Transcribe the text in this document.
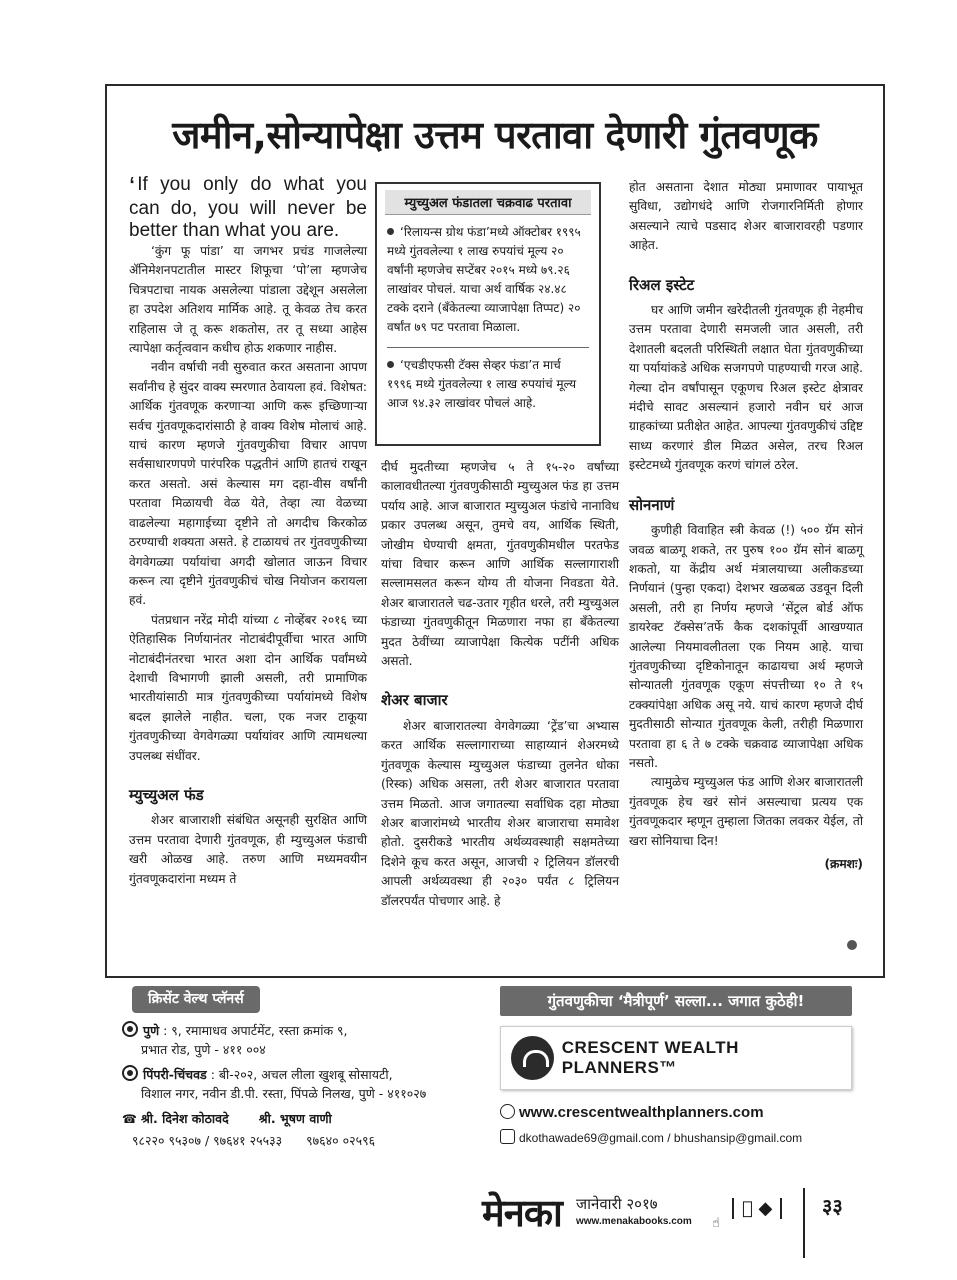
जमीन,सोन्यापेक्षा उत्तम परतावा देणारी गुंतवणूक

‘ If you only do what you can do, you will never be better than what you are.

‘कुंग फू पांडा’ या जगभर प्रचंड गाजलेल्या ॲनिमेशनपटातील मास्टर शिफूचा ‘पो’ला म्हणजेच चित्रपटाचा नायक असलेल्या पांडाला उद्देशून असलेला हा उपदेश अतिशय मार्मिक आहे. तू केवळ तेच करत राहिलास जे तू करू शकतोस, तर तू सध्या आहेस त्यापेक्षा कर्तृत्ववान कधीच होऊ शकणार नाहीस.

नवीन वर्षाची नवी सुरुवात करत असताना आपण सर्वांनीच हे सुंदर वाक्य स्मरणात ठेवायला हवं. विशेषत: आर्थिक गुंतवणूक करणाऱ्या आणि करू इच्छिणाऱ्या सर्वच गुंतवणूकदारांसाठी हे वाक्य विशेष मोलाचं आहे. याचं कारण म्हणजे गुंतवणुकीचा विचार आपण सर्वसाधारणपणे पारंपरिक पद्धतीनं आणि हातचं राखून करत असतो. असं केल्यास मग दहा-वीस वर्षांनी परतावा मिळायची वेळ येते, तेव्हा त्या वेळच्या वाढलेल्या महागाईच्या दृष्टीने तो अगदीच किरकोळ ठरण्याची शक्यता असते. हे टाळायचं तर गुंतवणुकीच्या वेगवेगळ्या पर्यायांचा अगदी खोलात जाऊन विचार करून त्या दृष्टीने गुंतवणुकीचं चोख नियोजन करायला हवं.

पंतप्रधान नरेंद्र मोदी यांच्या ८ नोव्हेंबर २०१६ च्या ऐतिहासिक निर्णयानंतर नोटाबंदीपूर्वीचा भारत आणि नोटाबंदीनंतरचा भारत अशा दोन आर्थिक पर्वांमध्ये देशाची विभागणी झाली असली, तरी प्रामाणिक भारतीयांसाठी मात्र गुंतवणुकीच्या पर्यायांमध्ये विशेष बदल झालेले नाहीत. चला, एक नजर टाकूया गुंतवणुकीच्या वेगवेगळ्या पर्यायांवर आणि त्यामधल्या उपलब्ध संधींवर.

म्युच्युअल फंड

शेअर बाजाराशी संबंधित असूनही सुरक्षित आणि उत्तम परतावा देणारी गुंतवणूक, ही म्युच्युअल फंडाची खरी ओळख आहे. तरुण आणि मध्यमवयीन गुंतवणूकदारांना मध्यम ते

म्युच्युअल फंडातला चक्रवाढ परतावा
‘रिलायन्स ग्रोथ फंडा’मध्ये ऑक्टोबर १९९५ मध्ये गुंतवलेल्या १ लाख रुपयांचं मूल्य २० वर्षांनी म्हणजेच सप्टेंबर २०१५ मध्ये ७९.२६ लाखांवर पोचलं. याचा अर्थ वार्षिक २४.४८ टक्के दराने (बँकेतल्या व्याजापेक्षा तिप्पट) २० वर्षांत ७९ पट परतावा मिळाला.
‘एचडीएफसी टॅक्स सेव्हर फंडा’त मार्च १९९६ मध्ये गुंतवलेल्या १ लाख रुपयांचं मूल्य आज ९४.३२ लाखांवर पोचलं आहे.

दीर्घ मुदतीच्या म्हणजेच ५ ते १५-२० वर्षांच्या कालावधीतल्या गुंतवणुकीसाठी म्युच्युअल फंड हा उत्तम पर्याय आहे. आज बाजारात म्युच्युअल फंडांचे नानाविध प्रकार उपलब्ध असून, तुमचे वय, आर्थिक स्थिती, जोखीम घेण्याची क्षमता, गुंतवणुकीमधील परतफेड यांचा विचार करून आणि आर्थिक सल्लागाराशी सल्लामसलत करून योग्य ती योजना निवडता येते. शेअर बाजारातले चढ-उतार गृहीत धरले, तरी म्युच्युअल फंडाच्या गुंतवणुकीतून मिळणारा नफा हा बँकेतल्या मुदत ठेवींच्या व्याजापेक्षा कित्येक पटींनी अधिक असतो.

शेअर बाजार

शेअर बाजारातल्या वेगवेगळ्या ‘ट्रेंड’चा अभ्यास करत आर्थिक सल्लागाराच्या साहाय्यानं शेअरमध्ये गुंतवणूक केल्यास म्युच्युअल फंडाच्या तुलनेत धोका (रिस्क) अधिक असला, तरी शेअर बाजारात परतावा उत्तम मिळतो. आज जगातल्या सर्वाधिक दहा मोठ्या शेअर बाजारांमध्ये भारतीय शेअर बाजाराचा समावेश होतो. दुसरीकडे भारतीय अर्थव्यवस्थाही सक्षमतेच्या दिशेने कूच करत असून, आजची २ ट्रिलियन डॉलरची आपली अर्थव्यवस्था ही २०३० पर्यंत ८ ट्रिलियन डॉलरपर्यंत पोचणार आहे. हे

होत असताना देशात मोठ्या प्रमाणावर पायाभूत सुविधा, उद्योगधंदे आणि रोजगारनिर्मिती होणार असल्याने त्याचे पडसाद शेअर बाजारावरही पडणार आहेत.

रिअल इस्टेट

घर आणि जमीन खरेदीतली गुंतवणूक ही नेहमीच उत्तम परतावा देणारी समजली जात असली, तरी देशातली बदलती परिस्थिती लक्षात घेता गुंतवणुकीच्या या पर्यायांकडे अधिक सजगपणे पाहण्याची गरज आहे. गेल्या दोन वर्षांपासून एकूणच रिअल इस्टेट क्षेत्रावर मंदीचे सावट असल्यानं हजारो नवीन घरं आज ग्राहकांच्या प्रतीक्षेत आहेत. आपल्या गुंतवणुकीचं उद्दिष्ट साध्य करणारं डील मिळत असेल, तरच रिअल इस्टेटमध्ये गुंतवणूक करणं चांगलं ठरेल.

सोननाणं

कुणीही विवाहित स्त्री केवळ (!) ५०० ग्रॅम सोनं जवळ बाळगू शकते, तर पुरुष १०० ग्रॅम सोनं बाळगू शकतो, या केंद्रीय अर्थ मंत्रालयाच्या अलीकडच्या निर्णयानं (पुन्हा एकदा) देशभर खळबळ उडवून दिली असली, तरी हा निर्णय म्हणजे ‘सेंट्रल बोर्ड ऑफ डायरेक्ट टॅक्सेस’तर्फे कैक दशकांपूर्वी आखण्यात आलेल्या नियमावलीतला एक नियम आहे. याचा गुंतवणुकीच्या दृष्टिकोनातून काढायचा अर्थ म्हणजे सोन्यातली गुंतवणूक एकूण संपत्तीच्या १० ते १५ टक्क्यांपेक्षा अधिक असू नये. याचं कारण म्हणजे दीर्घ मुदतीसाठी सोन्यात गुंतवणूक केली, तरीही मिळणारा परतावा हा ६ ते ७ टक्के चक्रवाढ व्याजापेक्षा अधिक नसतो.

त्यामुळेच म्युच्युअल फंड आणि शेअर बाजारातली गुंतवणूक हेच खरं सोनं असल्याचा प्रत्यय एक गुंतवणूकदार म्हणून तुम्हाला जितका लवकर येईल, तो खरा सोनियाचा दिन!

(क्रमशः)

क्रिसेंट वेल्थ प्लॅनर्स
पुणे : ९, रमामाधव अपार्टमेंट, रस्ता क्रमांक ९,
प्रभात रोड, पुणे - ४११ ००४
पिंपरी-चिंचवड : बी-२०२, अचल लीला खुशबू सोसायटी,
विशाल नगर, नवीन डी.पी. रस्ता, पिंपळे निलख, पुणे - ४११०२७
☎ श्री. दिनेश कोठावदे श्री. भूषण वाणी
९८२२० ९५३०७ / ९७६४१ २५५३३ ९७६४० ०२५९६
गुंतवणुकीचा ‘मैत्रीपूर्ण’ सल्ला... जगात कुठेही!
CRESCENT WEALTH PLANNERS™
www.crescentwealthplanners.com
dkothawade69@gmail.com / bhushansip@gmail.com
मेनका जानेवारी २०१७
www.menakabooks.com ☝
◆	३३
